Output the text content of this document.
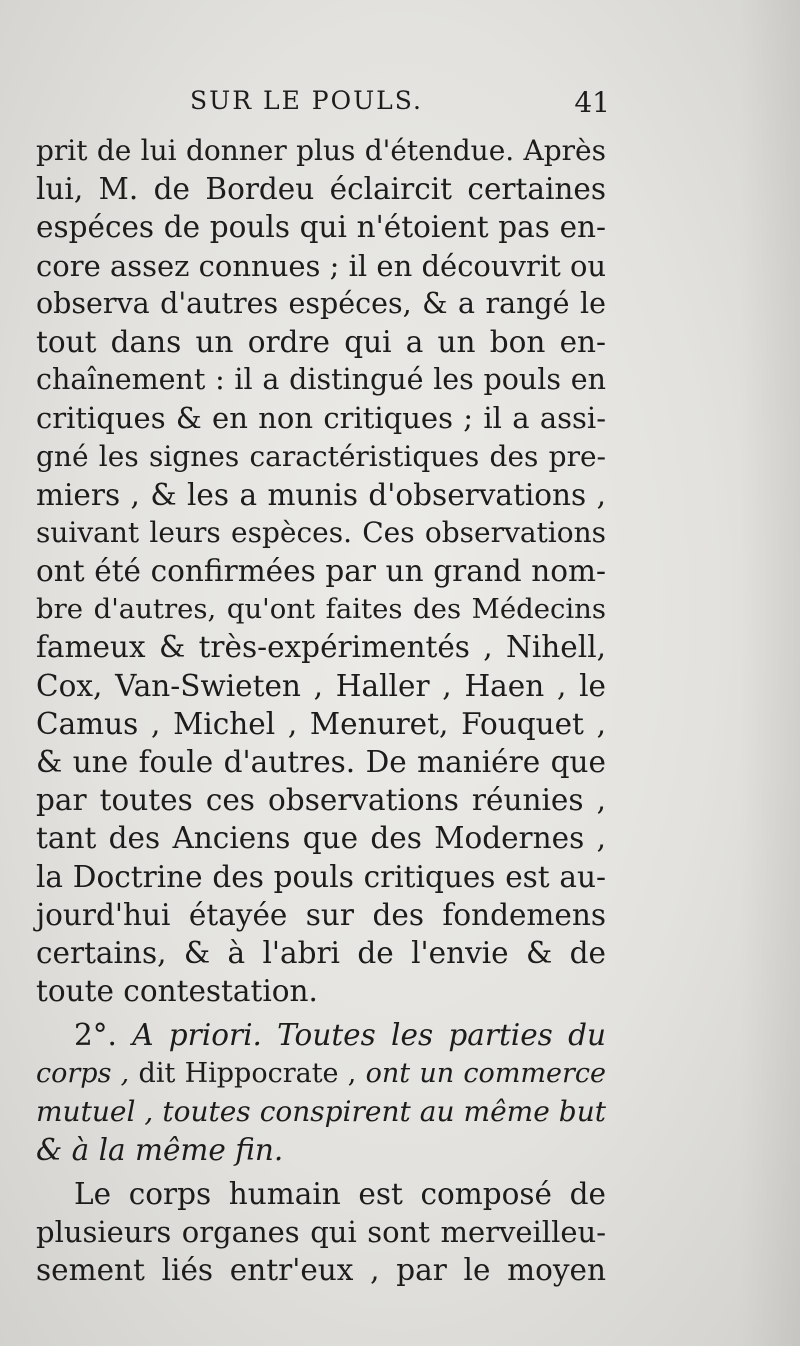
SUR LE POULS.	41
prit de lui donner plus d'étendue. Après
lui, M. de Bordeu éclaircit certaines
espéces de pouls qui n'étoient pas en-
core assez connues ; il en découvrit ou
observa d'autres espéces, & a rangé le
tout dans un ordre qui a un bon en-
chaînement : il a distingué les pouls en
critiques & en non critiques ; il a assi-
gné les signes caractéristiques des pre-
miers , & les a munis d'observations ,
suivant leurs espèces. Ces observations
ont été confirmées par un grand nom-
bre d'autres, qu'ont faites des Médecins
fameux & très-expérimentés , Nihell,
Cox, Van-Swieten , Haller , Haen , le
Camus , Michel , Menuret, Fouquet ,
& une foule d'autres. De maniére que
par toutes ces observations réunies ,
tant des Anciens que des Modernes ,
la Doctrine des pouls critiques est au-
jourd'hui étayée sur des fondemens
certains, & à l'abri de l'envie & de
toute contestation.
2°. A priori. Toutes les parties du
corps , dit Hippocrate , ont un commerce
mutuel , toutes conspirent au même but
& à la même fin.
Le corps humain est composé de
plusieurs organes qui sont merveilleu-
sement liés entr'eux , par le moyen
